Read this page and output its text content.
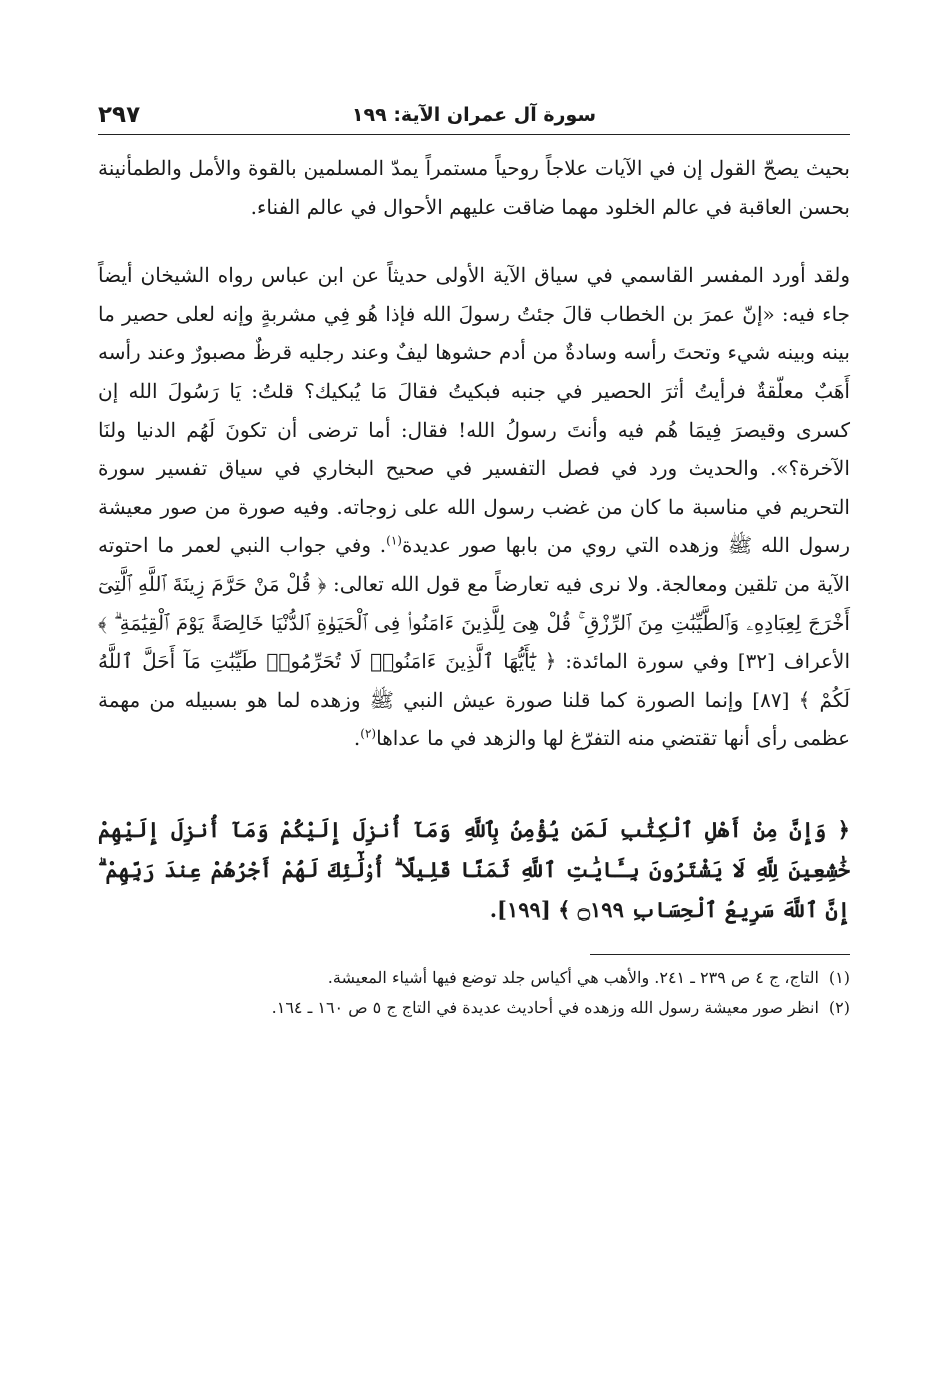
سورة آل عمران الآية: ١٩٩
٢٩٧

بحيث يصحّ القول إن في الآيات علاجاً روحياً مستمراً يمدّ المسلمين بالقوة والأمل والطمأنينة بحسن العاقبة في عالم الخلود مهما ضاقت عليهم الأحوال في عالم الفناء.

ولقد أورد المفسر القاسمي في سياق الآية الأولى حديثاً عن ابن عباس رواه الشيخان أيضاً جاء فيه: «إنّ عمرَ بن الخطاب قالَ جئتُ رسولَ الله فإذا هُو فِي مشربةٍ وإنه لعلى حصير ما بينه وبينه شيء وتحتَ رأسه وسادةٌ من أدم حشوها ليفٌ وعند رجليه قرظٌ مصبورٌ وعند رأسه أَهَبٌ معلّقةٌ فرأيتُ أثرَ الحصير في جنبه فبكيتُ فقالَ مَا يُبكيك؟ قلتُ: يَا رَسُولَ الله إن كسرى وقيصرَ فِيمَا هُم فيه وأنتَ رسولُ الله! فقال: أما ترضى أن تكونَ لَهُم الدنيا ولنَا الآخرة؟». والحديث ورد في فصل التفسير في صحيح البخاري في سياق تفسير سورة التحريم في مناسبة ما كان من غضب رسول الله على زوجاته. وفيه صورة من صور معيشة رسول الله ﷺ وزهده التي روي من بابها صور عديدة$^{(١)}$. وفي جواب النبي لعمر ما احتوته الآية من تلقين ومعالجة. ولا نرى فيه تعارضاً مع قول الله تعالى: ﴿ قُلْ مَنْ حَرَّمَ زِينَةَ ٱللَّهِ ٱلَّتِىٓ أَخْرَجَ لِعِبَادِهِۦ وَٱلطَّيِّبَٰتِ مِنَ ٱلرِّزْقِ ۚ قُلْ هِىَ لِلَّذِينَ ءَامَنُوا۟ فِى ٱلْحَيَوٰةِ ٱلدُّنْيَا خَالِصَةً يَوْمَ ٱلْقِيَٰمَةِ ۗ ﴾ الأعراف [٣٢] وفي سورة المائدة: ﴿ يَٰٓأَيُّهَا ٱلَّذِينَ ءَامَنُوا۟ لَا تُحَرِّمُوا۟ طَيِّبَٰتِ مَآ أَحَلَّ ٱللَّهُ لَكُمْ ﴾ [٨٧] وإنما الصورة كما قلنا صورة عيش النبي ﷺ وزهده لما هو بسبيله من مهمة عظمى رأى أنها تقتضي منه التفرّغ لها والزهد في ما عداها$^{(٢)}$.

﴿ وَإِنَّ مِنْ أَهْلِ ٱلْكِتَٰبِ لَمَن يُؤْمِنُ بِٱللَّهِ وَمَآ أُنزِلَ إِلَيْكُمْ وَمَآ أُنزِلَ إِلَيْهِمْ خَٰشِعِينَ لِلَّهِ لَا يَشْتَرُونَ بِـَٔايَٰتِ ٱللَّهِ ثَمَنًا قَلِيلًا ۗ أُو۟لَٰٓئِكَ لَهُمْ أَجْرُهُمْ عِندَ رَبِّهِمْ ۗ إِنَّ ٱللَّهَ سَرِيعُ ٱلْحِسَابِ ۝١٩٩ ﴾ [١٩٩].
(١)التاج، ج ٤ ص ٢٣٩ ـ ٢٤١. والأهب هي أكياس جلد توضع فيها أشياء المعيشة.
(٢)انظر صور معيشة رسول الله وزهده في أحاديث عديدة في التاج ج ٥ ص ١٦٠ ـ ١٦٤.
